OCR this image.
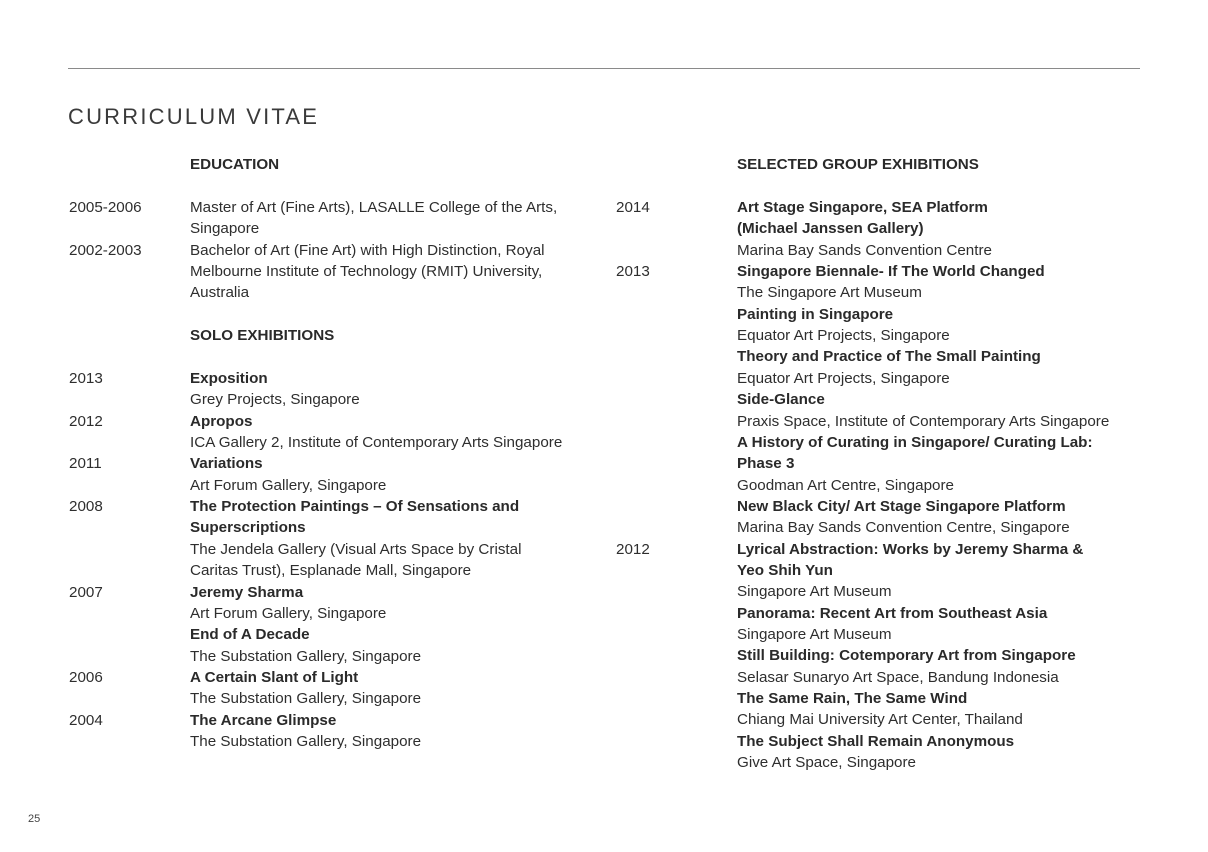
CURRICULUM VITAE
EDUCATION
2005-2006	Master of Art (Fine Arts), LASALLE College of the Arts,
Singapore
2002-2003	Bachelor of Art (Fine Art) with High Distinction, Royal
Melbourne Institute of Technology (RMIT) University,
Australia
SOLO EXHIBITIONS
2013	Exposition
Grey Projects, Singapore
2012	Apropos
ICA Gallery 2, Institute of Contemporary Arts Singapore
2011	Variations
Art Forum Gallery, Singapore
2008	The Protection Paintings – Of Sensations and
Superscriptions
The Jendela Gallery (Visual Arts Space by Cristal
Caritas Trust), Esplanade Mall, Singapore
2007	Jeremy Sharma
Art Forum Gallery, Singapore
End of A Decade
The Substation Gallery, Singapore
2006	A Certain Slant of Light
The Substation Gallery, Singapore
2004	The Arcane Glimpse
The Substation Gallery, Singapore
SELECTED GROUP EXHIBITIONS
2014	Art Stage Singapore, SEA Platform
(Michael Janssen Gallery)
Marina Bay Sands Convention Centre
2013	Singapore Biennale- If The World Changed
The Singapore Art Museum
Painting in Singapore
Equator Art Projects, Singapore
Theory and Practice of The Small Painting
Equator Art Projects, Singapore
Side-Glance
Praxis Space, Institute of Contemporary Arts Singapore
A History of Curating in Singapore/ Curating Lab:
Phase 3
Goodman Art Centre, Singapore
New Black City/ Art Stage Singapore Platform
Marina Bay Sands Convention Centre, Singapore
2012	Lyrical Abstraction: Works by Jeremy Sharma &
Yeo Shih Yun
Singapore Art Museum
Panorama: Recent Art from Southeast Asia
Singapore Art Museum
Still Building: Cotemporary Art from Singapore
Selasar Sunaryo Art Space, Bandung Indonesia
The Same Rain, The Same Wind
Chiang Mai University Art Center, Thailand
The Subject Shall Remain Anonymous
Give Art Space, Singapore
25
